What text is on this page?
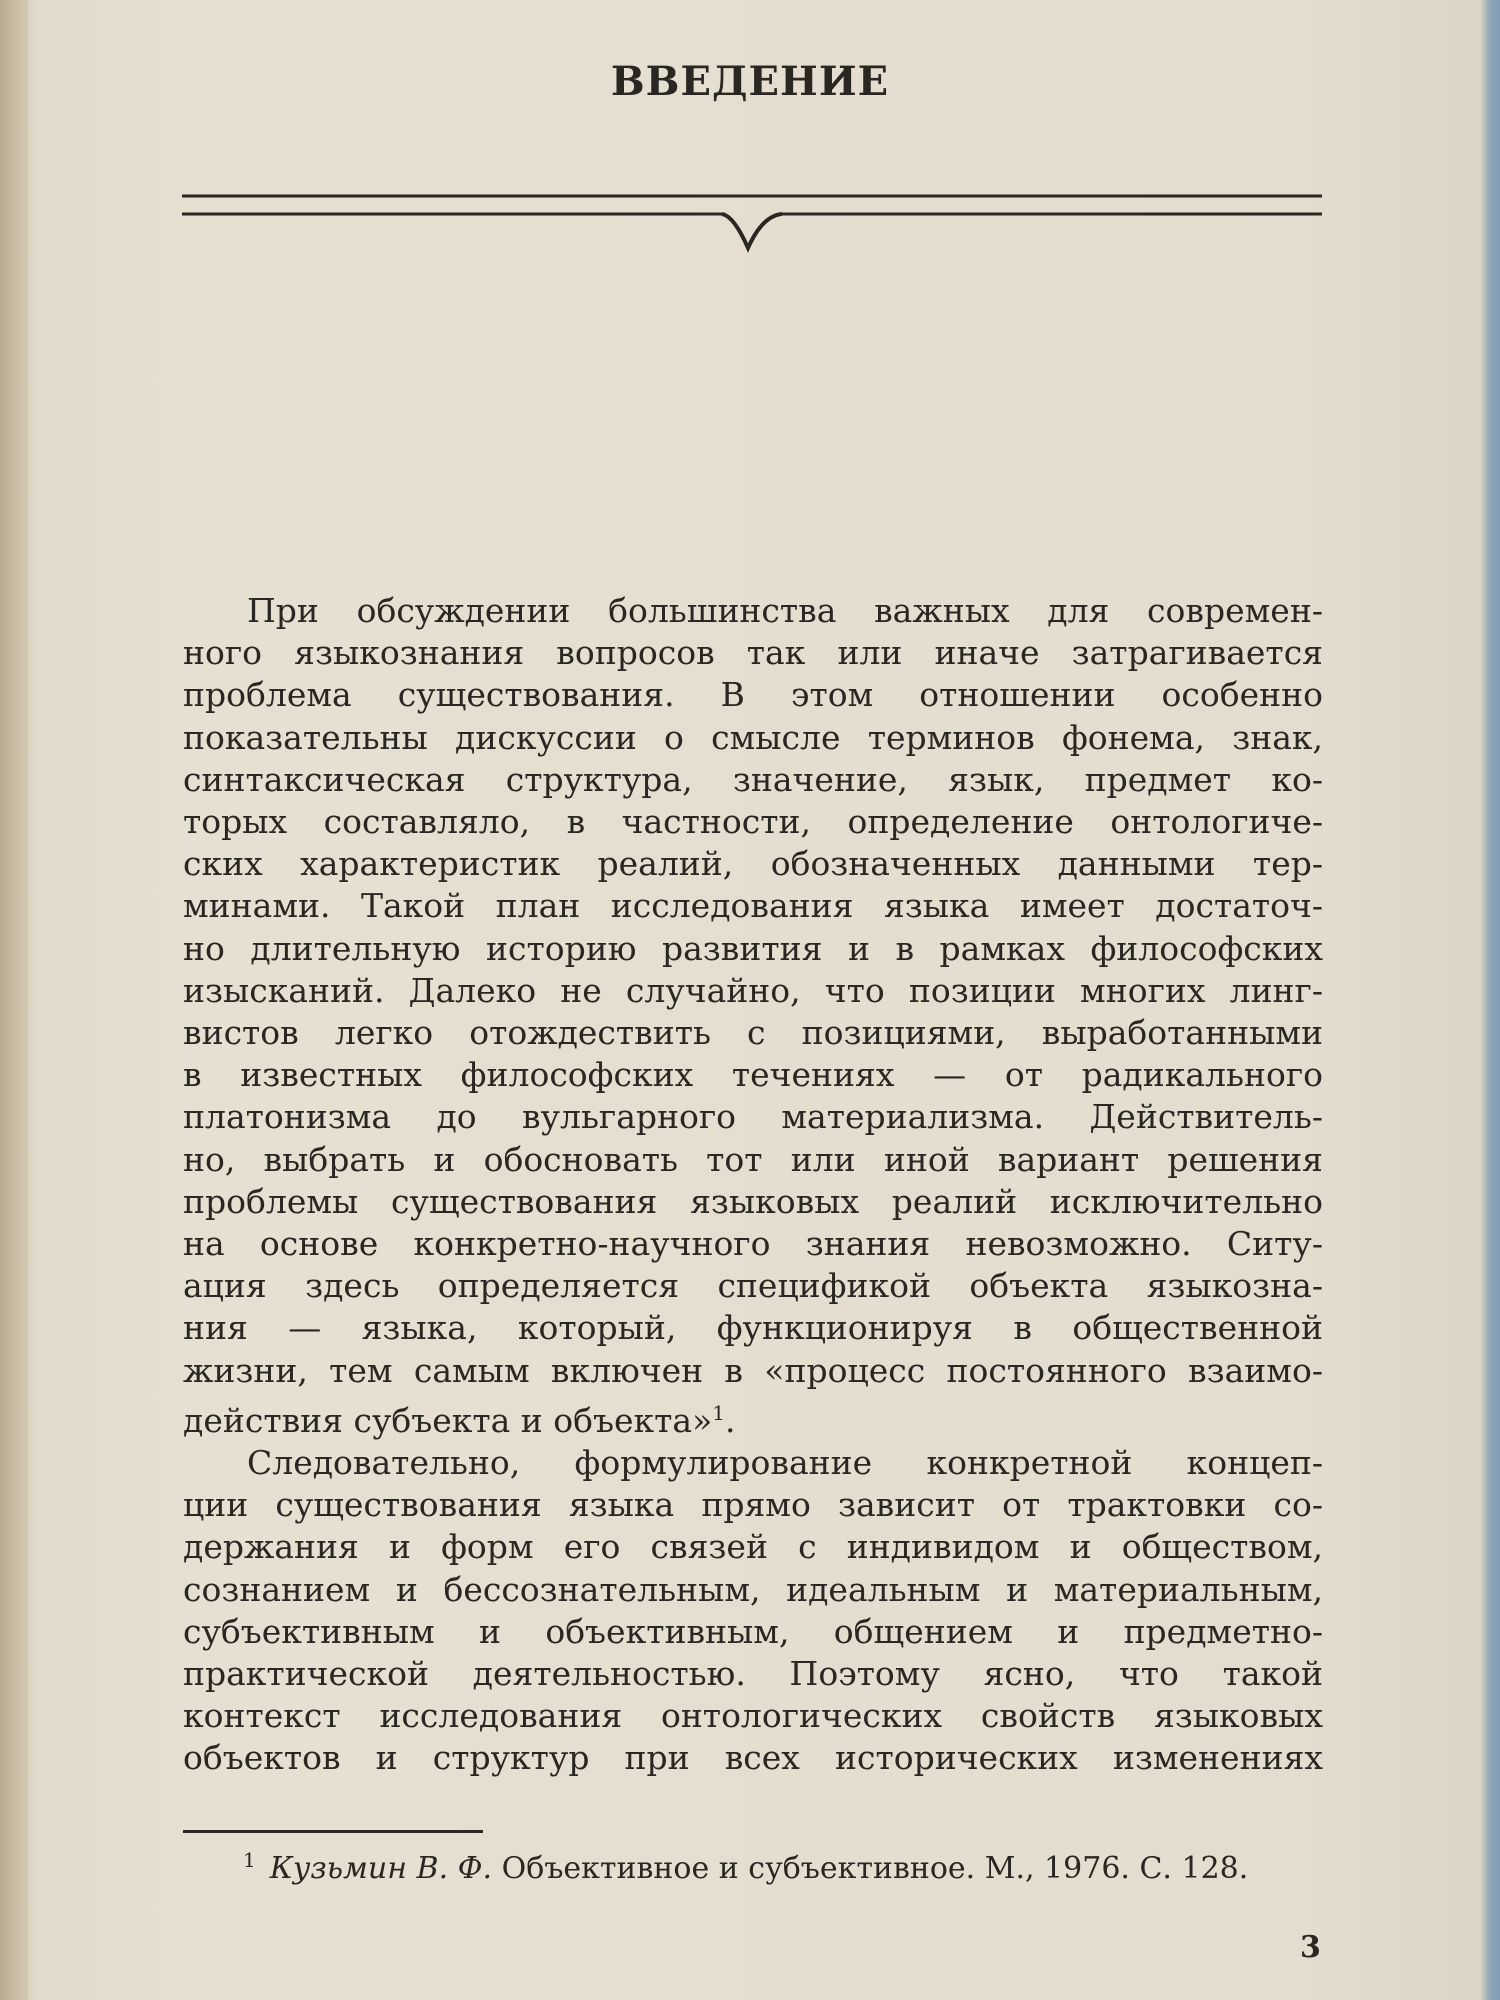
ВВЕДЕНИЕ
При обсуждении большинства важных для современ-
ного языкознания вопросов так или иначе затрагивается
проблема существования. В этом отношении особенно
показательны дискуссии о смысле терминов фонема, знак,
синтаксическая структура, значение, язык, предмет ко-
торых составляло, в частности, определение онтологиче-
ских характеристик реалий, обозначенных данными тер-
минами. Такой план исследования языка имеет достаточ-
но длительную историю развития и в рамках философских
изысканий. Далеко не случайно, что позиции многих линг-
вистов легко отождествить с позициями, выработанными
в известных философских течениях — от радикального
платонизма до вульгарного материализма. Действитель-
но, выбрать и обосновать тот или иной вариант решения
проблемы существования языковых реалий исключительно
на основе конкретно-научного знания невозможно. Ситу-
ация здесь определяется спецификой объекта языкозна-
ния — языка, который, функционируя в общественной
жизни, тем самым включен в «процесс постоянного взаимо-
действия субъекта и объекта»$^1$.
Следовательно, формулирование конкретной концеп-
ции существования языка прямо зависит от трактовки со-
держания и форм его связей с индивидом и обществом,
сознанием и бессознательным, идеальным и материальным,
субъективным и объективным, общением и предметно-
практической деятельностью. Поэтому ясно, что такой
контекст исследования онтологических свойств языковых
объектов и структур при всех исторических изменениях
$^1$ Кузьмин В. Ф. Объективное и субъективное. М., 1976. С. 128.
3
